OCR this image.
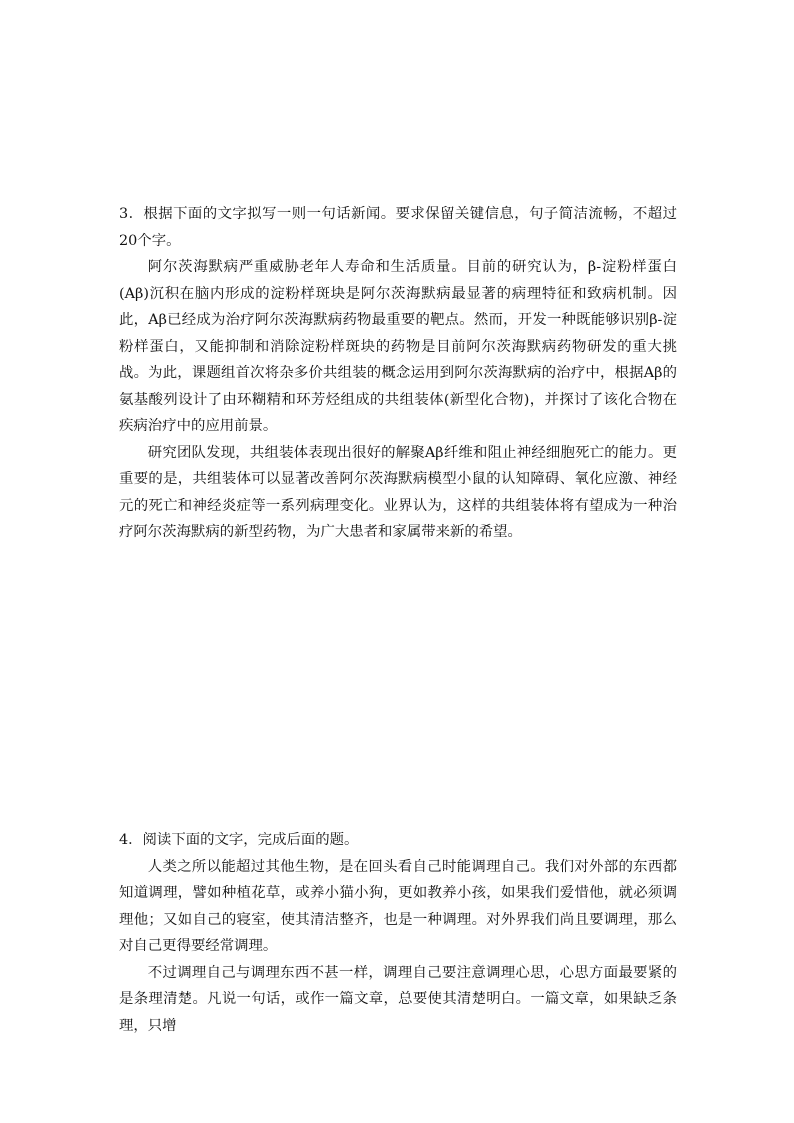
3．根据下面的文字拟写一则一句话新闻。要求保留关键信息，句子简洁流畅，不超过20个字。

阿尔茨海默病严重威胁老年人寿命和生活质量。目前的研究认为，β-淀粉样蛋白(Aβ)沉积在脑内形成的淀粉样斑块是阿尔茨海默病最显著的病理特征和致病机制。因此，Aβ已经成为治疗阿尔茨海默病药物最重要的靶点。然而，开发一种既能够识别β-淀粉样蛋白，又能抑制和消除淀粉样斑块的药物是目前阿尔茨海默病药物研发的重大挑战。为此，课题组首次将杂多价共组装的概念运用到阿尔茨海默病的治疗中，根据Aβ的氨基酸列设计了由环糊精和环芳烃组成的共组装体(新型化合物)，并探讨了该化合物在疾病治疗中的应用前景。

研究团队发现，共组装体表现出很好的解聚Aβ纤维和阻止神经细胞死亡的能力。更重要的是，共组装体可以显著改善阿尔茨海默病模型小鼠的认知障碍、氧化应激、神经元的死亡和神经炎症等一系列病理变化。业界认为，这样的共组装体将有望成为一种治疗阿尔茨海默病的新型药物，为广大患者和家属带来新的希望。

4．阅读下面的文字，完成后面的题。

人类之所以能超过其他生物，是在回头看自己时能调理自己。我们对外部的东西都知道调理，譬如种植花草，或养小猫小狗，更如教养小孩，如果我们爱惜他，就必须调理他；又如自己的寝室，使其清洁整齐，也是一种调理。对外界我们尚且要调理，那么对自己更得要经常调理。

不过调理自己与调理东西不甚一样，调理自己要注意调理心思，心思方面最要紧的是条理清楚。凡说一句话，或作一篇文章，总要使其清楚明白。一篇文章，如果缺乏条理，只增
